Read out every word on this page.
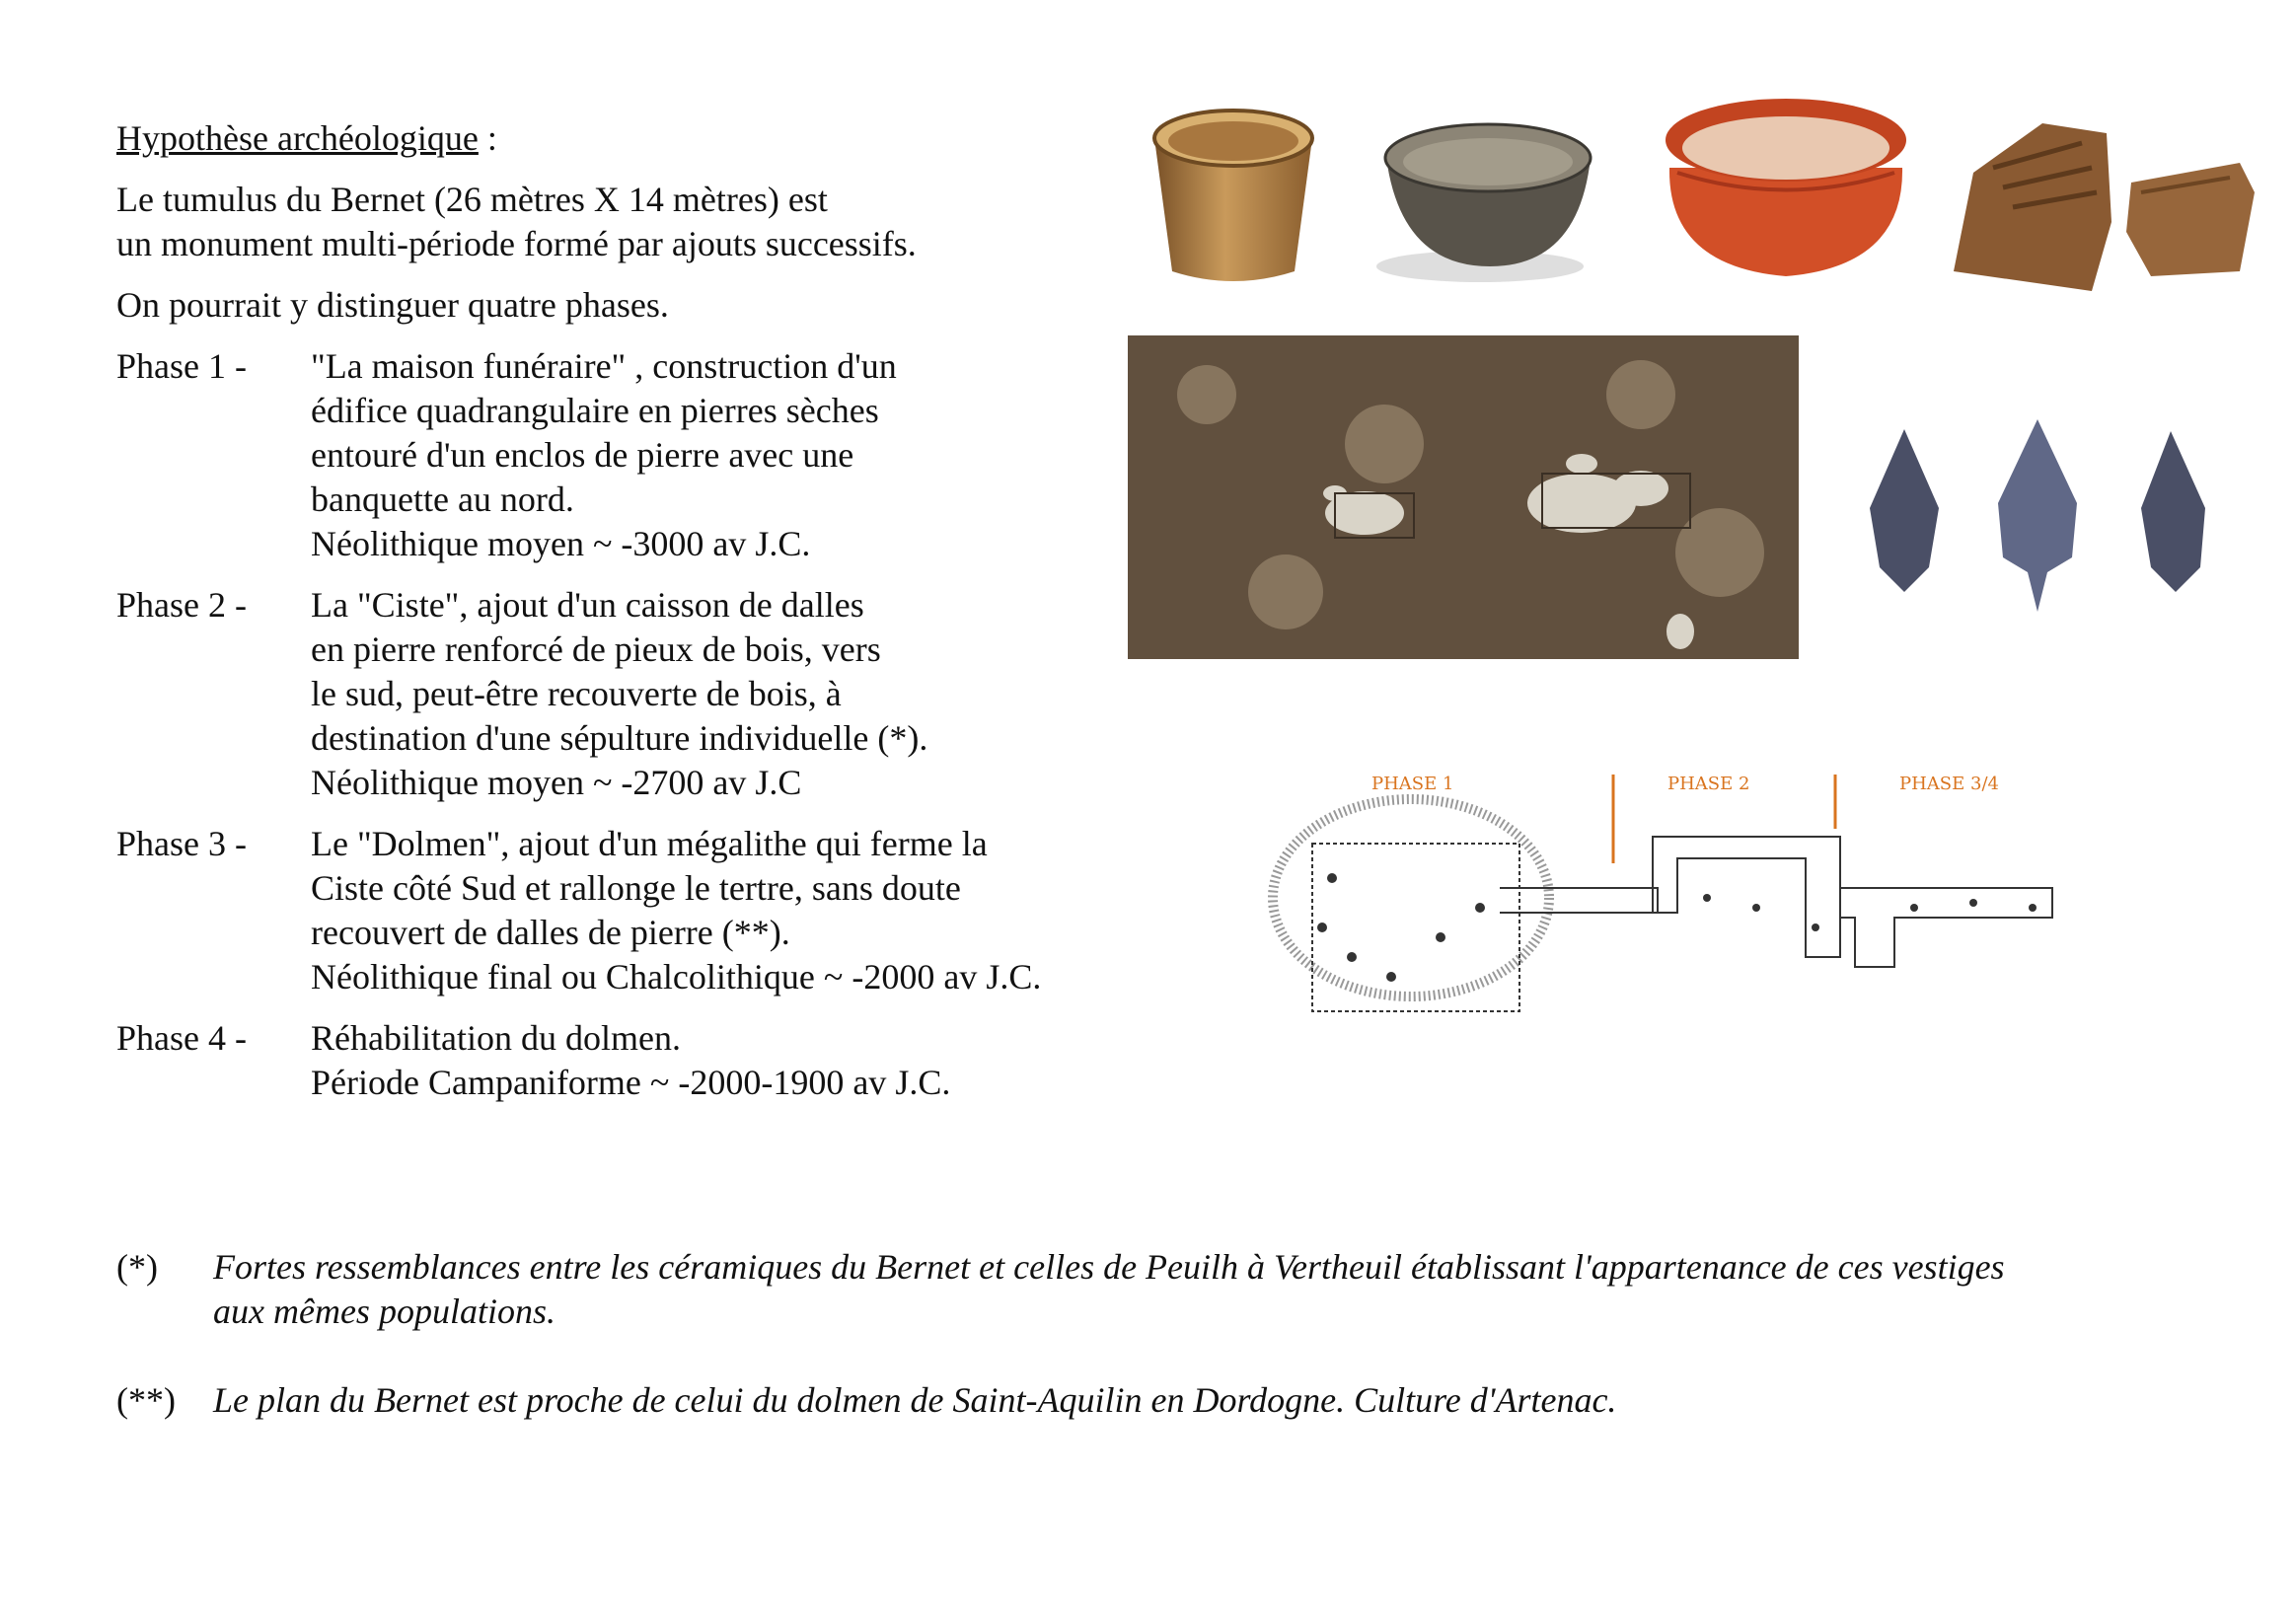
Hypothèse archéologique :
Le tumulus du Bernet (26 mètres X 14 mètres) est
un monument multi-période formé par ajouts successifs.
On pourrait y distinguer quatre phases.
Phase 1 -	"La maison funéraire" , construction d'un
édifice quadrangulaire en pierres sèches
entouré d'un enclos de pierre avec une
banquette au nord.
Néolithique moyen ~ -3000 av J.C.
Phase 2 -	La "Ciste", ajout d'un caisson de dalles
en pierre renforcé de pieux de bois, vers
le sud, peut-être recouverte de bois, à
destination d'une sépulture individuelle (*).
Néolithique moyen ~ -2700 av J.C
Phase 3 -	Le "Dolmen", ajout d'un mégalithe qui ferme la
Ciste côté Sud et rallonge le tertre, sans doute
recouvert de dalles de pierre (**).
Néolithique final ou Chalcolithique ~ -2000 av J.C.
Phase 4 -	Réhabilitation du dolmen.
Période Campaniforme ~ -2000-1900 av J.C.
(*)	Fortes ressemblances entre les céramiques du Bernet et celles de Peuilh à Vertheuil établissant l'appartenance de ces vestiges
aux mêmes populations.
(**)	Le plan du Bernet est proche de celui du dolmen de Saint-Aquilin en Dordogne. Culture d'Artenac.
PHASE 1	PHASE 2	PHASE 3/4
